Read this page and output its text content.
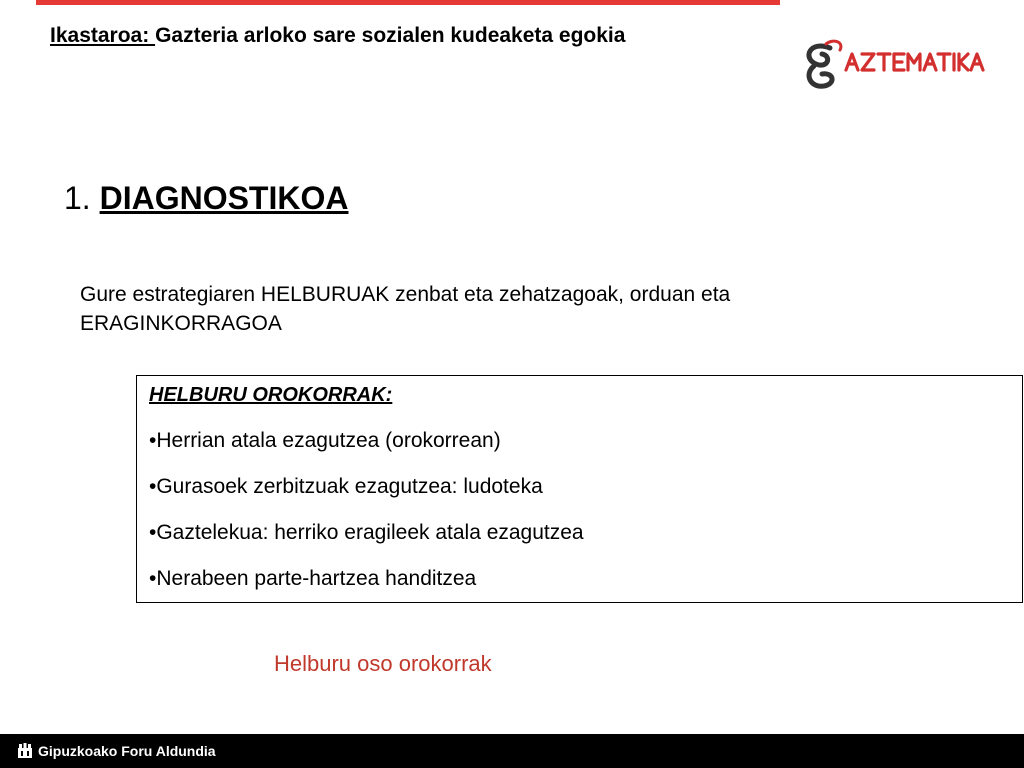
Ikastaroa: Gazteria arloko sare sozialen kudeaketa egokia
1. DIAGNOSTIKOA
Gure estrategiaren HELBURUAK zenbat eta zehatzagoak, orduan eta ERAGINKORRAGOA
HELBURU OROKORRAK:
•Herrian atala ezagutzea (orokorrean)
•Gurasoek zerbitzuak ezagutzea: ludoteka
•Gaztelekua: herriko eragileek atala ezagutzea
•Nerabeen parte-hartzea handitzea
Helburu oso orokorrak
Gipuzkoako Foru Aldundia
